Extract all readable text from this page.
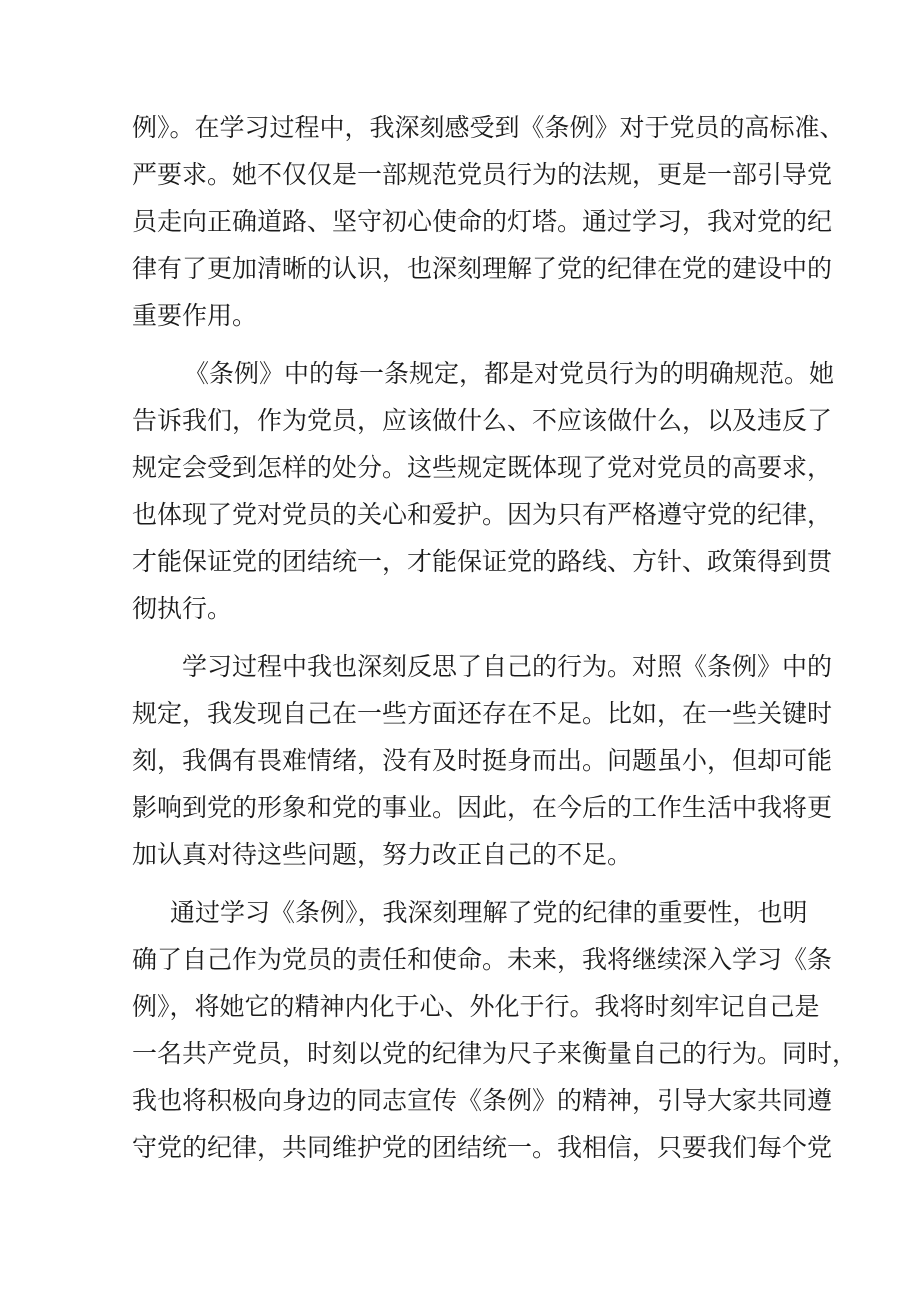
例》。在学习过程中，我深刻感受到《条例》对于党员的高标准、
严要求。她不仅仅是一部规范党员行为的法规，更是一部引导党
员走向正确道路、坚守初心使命的灯塔。通过学习，我对党的纪
律有了更加清晰的认识，也深刻理解了党的纪律在党的建设中的
重要作用。
《条例》中的每一条规定，都是对党员行为的明确规范。她
告诉我们，作为党员，应该做什么、不应该做什么，以及违反了
规定会受到怎样的处分。这些规定既体现了党对党员的高要求，
也体现了党对党员的关心和爱护。因为只有严格遵守党的纪律，
才能保证党的团结统一，才能保证党的路线、方针、政策得到贯
彻执行。
学习过程中我也深刻反思了自己的行为。对照《条例》中的
规定，我发现自己在一些方面还存在不足。比如，在一些关键时
刻，我偶有畏难情绪，没有及时挺身而出。问题虽小，但却可能
影响到党的形象和党的事业。因此，在今后的工作生活中我将更
加认真对待这些问题，努力改正自己的不足。
通过学习《条例》，我深刻理解了党的纪律的重要性，也明
确了自己作为党员的责任和使命。未来，我将继续深入学习《条
例》，将她它的精神内化于心、外化于行。我将时刻牢记自己是
一名共产党员，时刻以党的纪律为尺子来衡量自己的行为。同时，
我也将积极向身边的同志宣传《条例》的精神，引导大家共同遵
守党的纪律，共同维护党的团结统一。我相信，只要我们每个党
